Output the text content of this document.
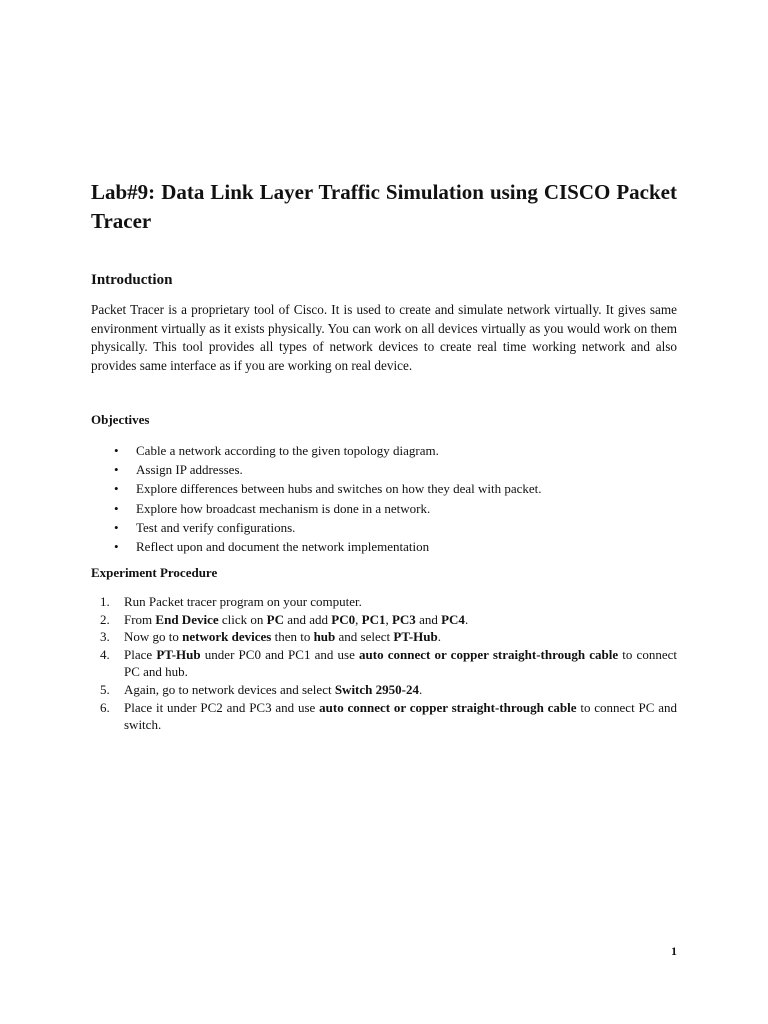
Lab#9: Data Link Layer Traffic Simulation using CISCO Packet Tracer
Introduction

Packet Tracer is a proprietary tool of Cisco. It is used to create and simulate network virtually. It gives same environment virtually as it exists physically. You can work on all devices virtually as you would work on them physically. This tool provides all types of network devices to create real time working network and also provides same interface as if you are working on real device.

Objectives
• Cable a network according to the given topology diagram.
• Assign IP addresses.
• Explore differences between hubs and switches on how they deal with packet.
• Explore how broadcast mechanism is done in a network.
• Test and verify configurations.
• Reflect upon and document the network implementation
Experiment Procedure
1. Run Packet tracer program on your computer.
2. From End Device click on PC and add PC0, PC1, PC3 and PC4.
3. Now go to network devices then to hub and select PT-Hub.
4. Place PT-Hub under PC0 and PC1 and use auto connect or copper straight-through cable to connect PC and hub.
5. Again, go to network devices and select Switch 2950-24.
6. Place it under PC2 and PC3 and use auto connect or copper straight-through cable to connect PC and switch.
1
